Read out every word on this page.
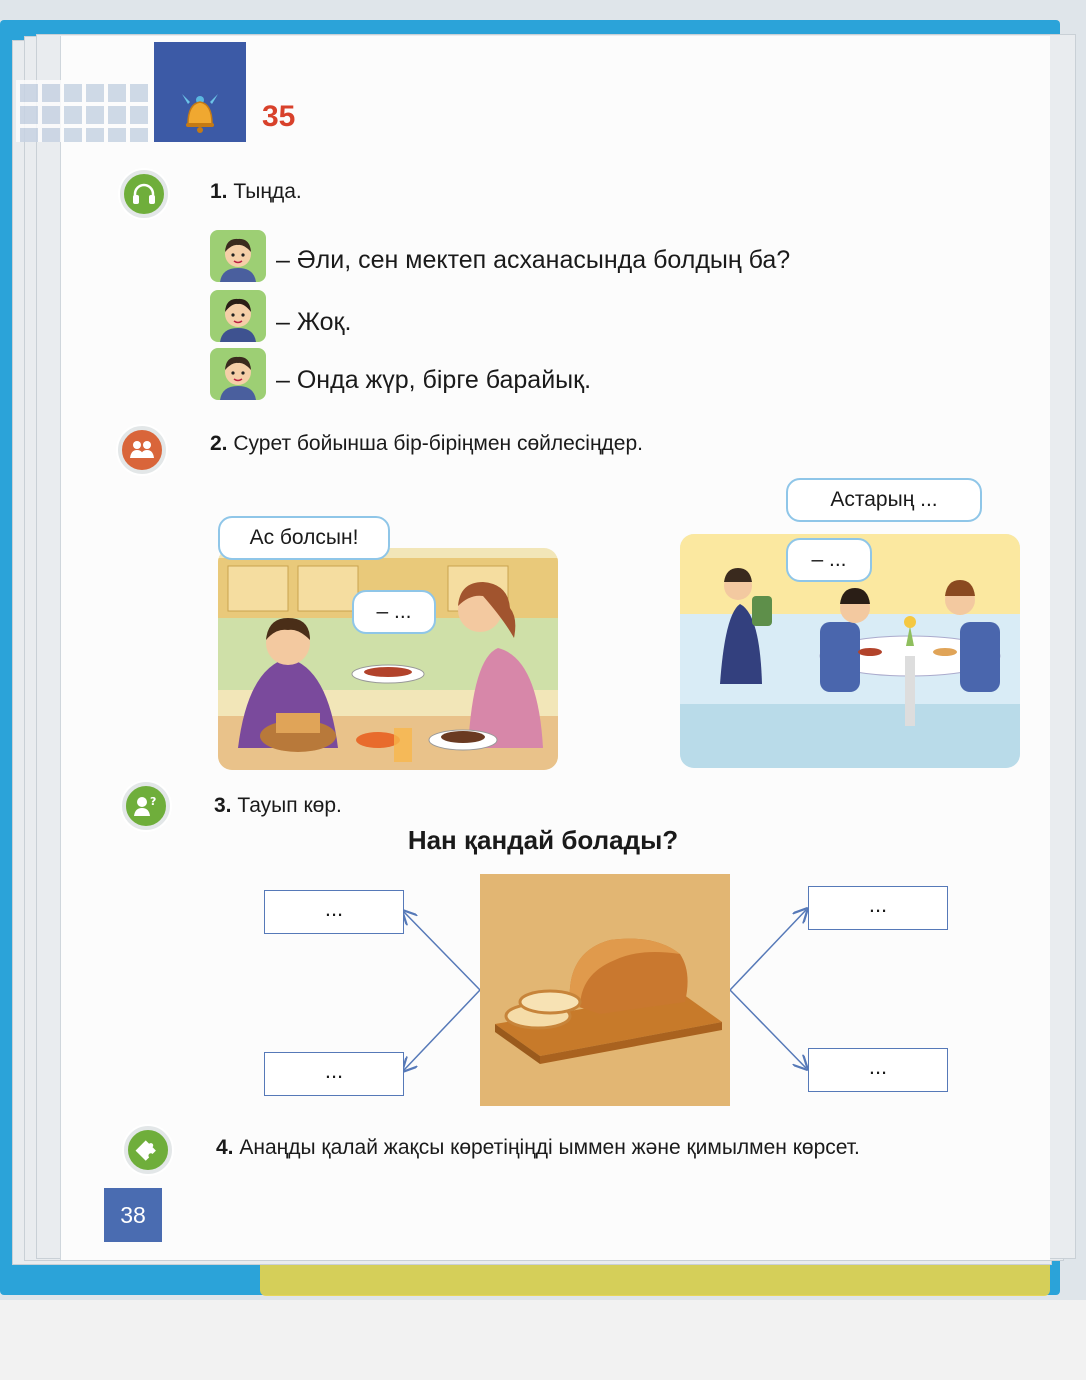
35
1. Тыңда.
– Әли, сен мектеп асханасында болдың ба?
– Жоқ.
– Онда жүр, бірге барайық.
2. Сурет бойынша бір-біріңмен сөйлесіңдер.
Ас болсын!
– ...
Астарың ...
– ...
?	3. Тауып көр.
Нан қандай болады?
...
...
...
...
4. Анаңды қалай жақсы көретіңіңді ыммен және қимылмен көрсет.
38
